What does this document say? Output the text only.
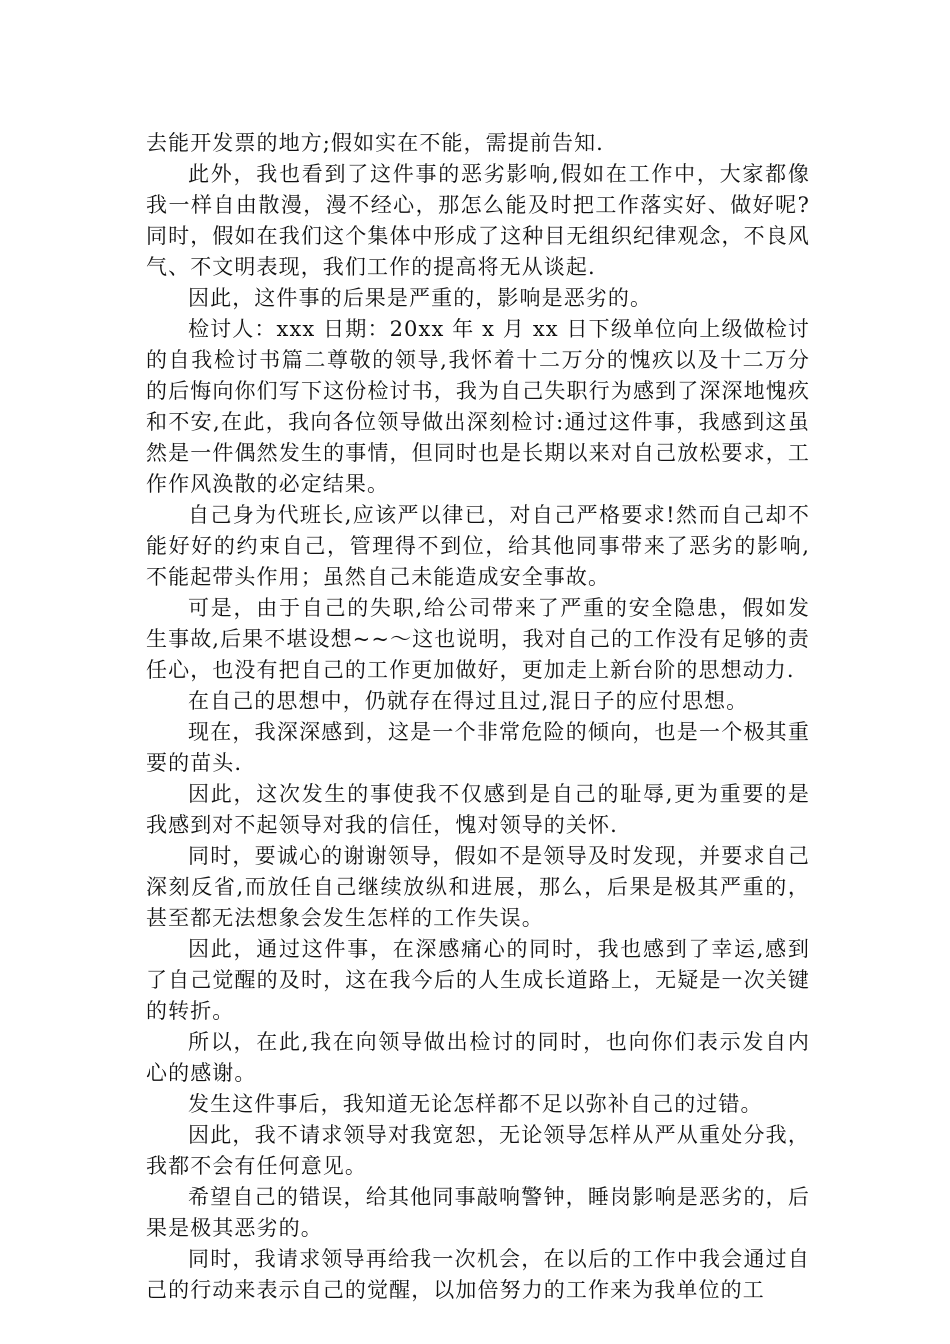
去能开发票的地方;假如实在不能，需提前告知.

此外，我也看到了这件事的恶劣影响,假如在工作中，大家都像我一样自由散漫，漫不经心，那怎么能及时把工作落实好、做好呢?同时，假如在我们这个集体中形成了这种目无组织纪律观念，不良风气、不文明表现，我们工作的提高将无从谈起.

因此，这件事的后果是严重的，影响是恶劣的。

检讨人：xxx 日期：20xx 年 x 月 xx 日下级单位向上级做检讨的自我检讨书篇二尊敬的领导,我怀着十二万分的愧疚以及十二万分的后悔向你们写下这份检讨书，我为自己失职行为感到了深深地愧疚和不安,在此，我向各位领导做出深刻检讨:通过这件事，我感到这虽然是一件偶然发生的事情，但同时也是长期以来对自己放松要求，工作作风涣散的必定结果。

自己身为代班长,应该严以律已，对自己严格要求!然而自己却不能好好的约束自己，管理得不到位，给其他同事带来了恶劣的影响,不能起带头作用；虽然自己未能造成安全事故。

可是，由于自己的失职,给公司带来了严重的安全隐患，假如发生事故,后果不堪设想~~～这也说明，我对自己的工作没有足够的责任心，也没有把自己的工作更加做好，更加走上新台阶的思想动力.

在自己的思想中，仍就存在得过且过,混日子的应付思想。

现在，我深深感到，这是一个非常危险的倾向，也是一个极其重要的苗头.

因此，这次发生的事使我不仅感到是自己的耻辱,更为重要的是我感到对不起领导对我的信任，愧对领导的关怀.

同时，要诚心的谢谢领导，假如不是领导及时发现，并要求自己深刻反省,而放任自己继续放纵和进展，那么，后果是极其严重的，甚至都无法想象会发生怎样的工作失误。

因此，通过这件事，在深感痛心的同时，我也感到了幸运,感到了自己觉醒的及时，这在我今后的人生成长道路上，无疑是一次关键的转折。

所以，在此,我在向领导做出检讨的同时，也向你们表示发自内心的感谢。

发生这件事后，我知道无论怎样都不足以弥补自己的过错。

因此，我不请求领导对我宽恕，无论领导怎样从严从重处分我，我都不会有任何意见。

希望自己的错误，给其他同事敲响警钟，睡岗影响是恶劣的，后果是极其恶劣的。

同时，我请求领导再给我一次机会，在以后的工作中我会通过自己的行动来表示自己的觉醒，以加倍努力的工作来为我单位的工
